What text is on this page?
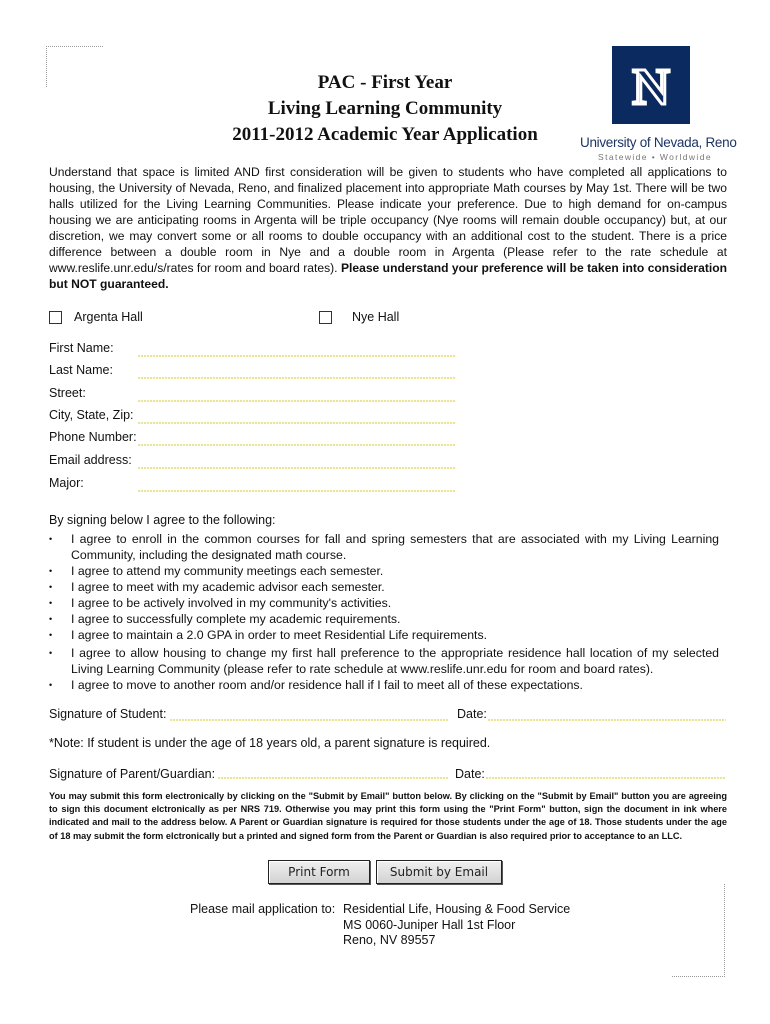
PAC - First Year
Living Learning Community
2011-2012 Academic Year Application
N
University of Nevada, Reno
Statewide • Worldwide
Understand that space is limited AND first consideration will be given to students who have completed all applications to housing, the University of Nevada, Reno, and finalized placement into appropriate Math courses by May 1st. There will be two halls utilized for the Living Learning Communities. Please indicate your preference. Due to high demand for on-campus housing we are anticipating rooms in Argenta will be triple occupancy (Nye rooms will remain double occupancy) but, at our discretion, we may convert some or all rooms to double occupancy with an additional cost to the student. There is a price difference between a double room in Nye and a double room in Argenta (Please refer to the rate schedule at www.reslife.unr.edu/s/rates for room and board rates). Please understand your preference will be taken into consideration but NOT guaranteed.
Argenta Hall	Nye Hall
First Name:
Last Name:
Street:
City, State, Zip:
Phone Number:
Email address:
Major:
By signing below I agree to the following:
• I agree to enroll in the common courses for fall and spring semesters that are associated with my Living Learning Community, including the designated math course.
• I agree to attend my community meetings each semester.
• I agree to meet with my academic advisor each semester.
• I agree to be actively involved in my community's activities.
• I agree to successfully complete my academic requirements.
• I agree to maintain a 2.0 GPA in order to meet Residential Life requirements.
• I agree to allow housing to change my first hall preference to the appropriate residence hall location of my selected Living Learning Community (please refer to rate schedule at www.reslife.unr.edu for room and board rates).
• I agree to move to another room and/or residence hall if I fail to meet all of these expectations.
Signature of Student:	Date:
*Note: If student is under the age of 18 years old, a parent signature is required.
Signature of Parent/Guardian:	Date:
You may submit this form electronically by clicking on the "Submit by Email" button below. By clicking on the "Submit by Email" button you are agreeing to sign this document elctronically as per NRS 719. Otherwise you may print this form using the "Print Form" button, sign the document in ink where indicated and mail to the address below. A Parent or Guardian signature is required for those students under the age of 18. Those students under the age of 18 may submit the form elctronically but a printed and signed form from the Parent or Guardian is also required prior to acceptance to an LLC.
Print Form	Submit by Email
Please mail application to: Residential Life, Housing & Food Service
MS 0060-Juniper Hall 1st Floor
Reno, NV 89557
